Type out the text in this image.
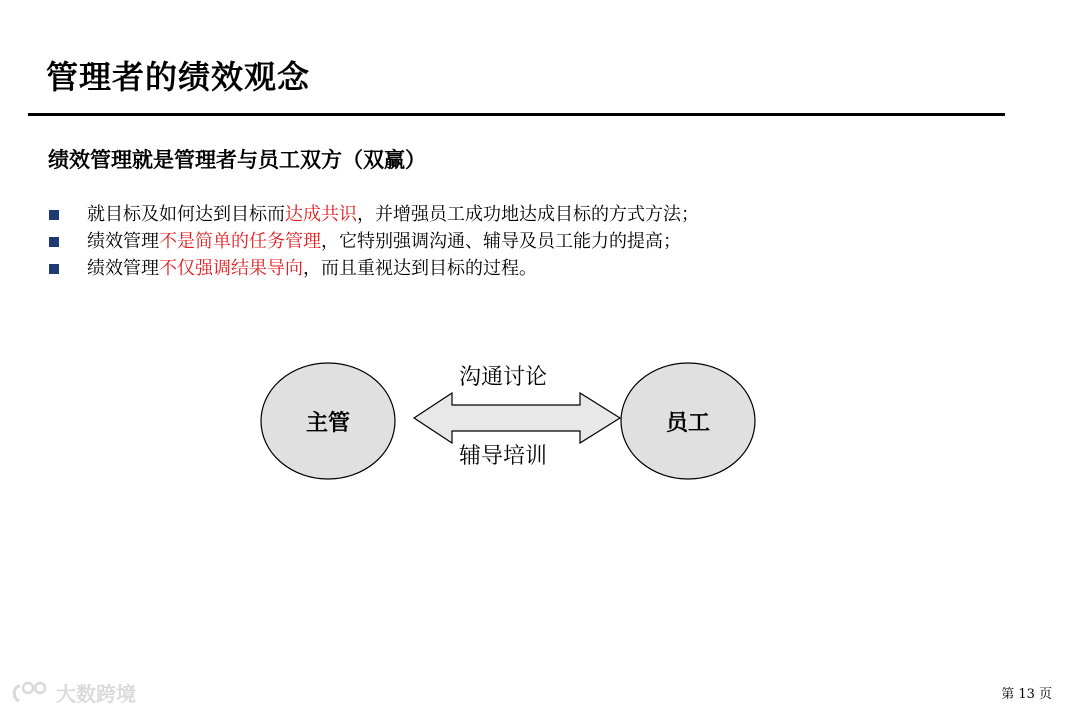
管理者的绩效观念
绩效管理就是管理者与员工双方（双赢）
就目标及如何达到目标而达成共识，并增强员工成功地达成目标的方式方法；
绩效管理不是简单的任务管理，它特别强调沟通、辅导及员工能力的提高；
绩效管理不仅强调结果导向，而且重视达到目标的过程。
主管	员工
沟通讨论
辅导培训
大数跨境	第 13 页
